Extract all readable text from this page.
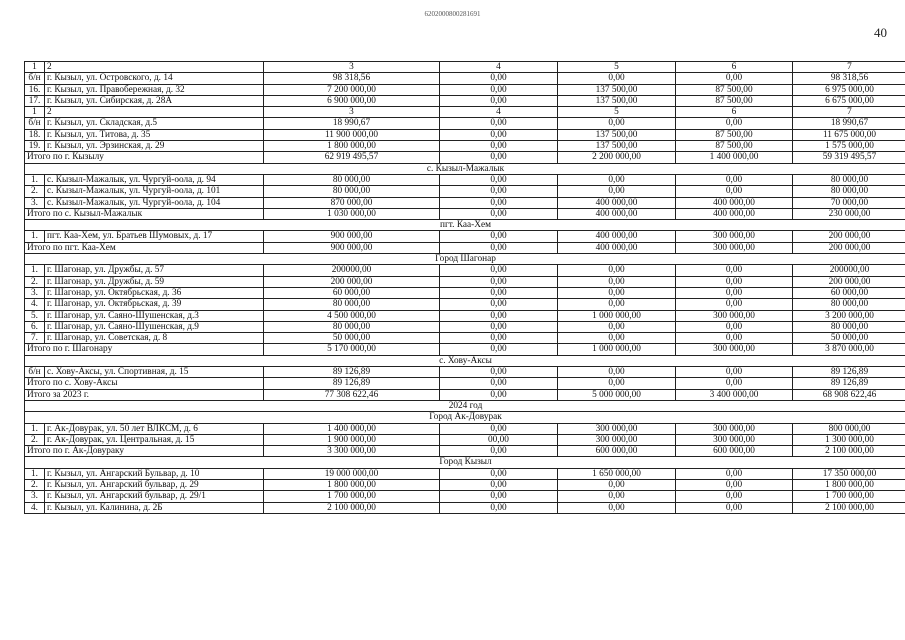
6202000800281691
40
1	2	3	4	5	6	7
б/н	г. Кызыл, ул. Островского, д. 14	98 318,56	0,00	0,00	0,00	98 318,56
16.	г. Кызыл, ул. Правобережная, д. 32	7 200 000,00	0,00	137 500,00	87 500,00	6 975 000,00
17.	г. Кызыл, ул. Сибирская, д. 28А	6 900 000,00	0,00	137 500,00	87 500,00	6 675 000,00
1	2	3	4	5	6	7
б/н	г. Кызыл, ул. Складская, д.5	18 990,67	0,00	0,00	0,00	18 990,67
18.	г. Кызыл, ул. Титова, д. 35	11 900 000,00	0,00	137 500,00	87 500,00	11 675 000,00
19.	г. Кызыл, ул. Эрзинская, д. 29	1 800 000,00	0,00	137 500,00	87 500,00	1 575 000,00
Итого по г. Кызылу		62 919 495,57	0,00	2 200 000,00	1 400 000,00	59 319 495,57
с. Кызыл-Мажалык						
1.	с. Кызыл-Мажалык, ул. Чургуй-оола, д. 94	80 000,00	0,00	0,00	0,00	80 000,00
2.	с. Кызыл-Мажалык, ул. Чургуй-оола, д. 101	80 000,00	0,00	0,00	0,00	80 000,00
3.	с. Кызыл-Мажалык, ул. Чургуй-оола, д. 104	870 000,00	0,00	400 000,00	400 000,00	70 000,00
Итого по с. Кызыл-Мажалык		1 030 000,00	0,00	400 000,00	400 000,00	230 000,00
пгт. Каа-Хем						
1.	пгт. Каа-Хем, ул. Братьев Шумовых, д. 17	900 000,00	0,00	400 000,00	300 000,00	200 000,00
Итого по пгт. Каа-Хем		900 000,00	0,00	400 000,00	300 000,00	200 000,00
Город Шагонар						
1.	г. Шагонар, ул. Дружбы, д. 57	200000,00	0,00	0,00	0,00	200000,00
2.	г. Шагонар, ул. Дружбы, д. 59	200 000,00	0,00	0,00	0,00	200 000,00
3.	г. Шагонар, ул. Октябрьская, д. 36	60 000,00	0,00	0,00	0,00	60 000,00
4.	г. Шагонар, ул. Октябрьская, д. 39	80 000,00	0,00	0,00	0,00	80 000,00
5.	г. Шагонар, ул. Саяно-Шушенская, д.3	4 500 000,00	0,00	1 000 000,00	300 000,00	3 200 000,00
6.	г. Шагонар, ул. Саяно-Шушенская, д.9	80 000,00	0,00	0,00	0,00	80 000,00
7.	г. Шагонар, ул. Советская, д. 8	50 000,00	0,00	0,00	0,00	50 000,00
Итого по г. Шагонару		5 170 000,00	0,00	1 000 000,00	300 000,00	3 870 000,00
с. Хову-Аксы						
б/н	с. Хову-Аксы, ул. Спортивная, д. 15	89 126,89	0,00	0,00	0,00	89 126,89
Итого по с. Хову-Аксы		89 126,89	0,00	0,00	0,00	89 126,89
Итого за 2023 г.		77 308 622,46	0,00	5 000 000,00	3 400 000,00	68 908 622,46
2024 год						
Город Ак-Довурак						
1.	г. Ак-Довурак, ул. 50 лет ВЛКСМ, д. 6	1 400 000,00	0,00	300 000,00	300 000,00	800 000,00
2.	г. Ак-Довурак, ул. Центральная, д. 15	1 900 000,00	00,00	300 000,00	300 000,00	1 300 000,00
Итого по г. Ак-Довураку		3 300 000,00	0,00	600 000,00	600 000,00	2 100 000,00
Город Кызыл						
1.	г. Кызыл, ул. Ангарский Бульвар, д. 10	19 000 000,00	0,00	1 650 000,00	0,00	17 350 000,00
2.	г. Кызыл, ул. Ангарский бульвар, д. 29	1 800 000,00	0,00	0,00	0,00	1 800 000,00
3.	г. Кызыл, ул. Ангарский бульвар, д. 29/1	1 700 000,00	0,00	0,00	0,00	1 700 000,00
4.	г. Кызыл, ул. Калинина, д. 2Б	2 100 000,00	0,00	0,00	0,00	2 100 000,00
